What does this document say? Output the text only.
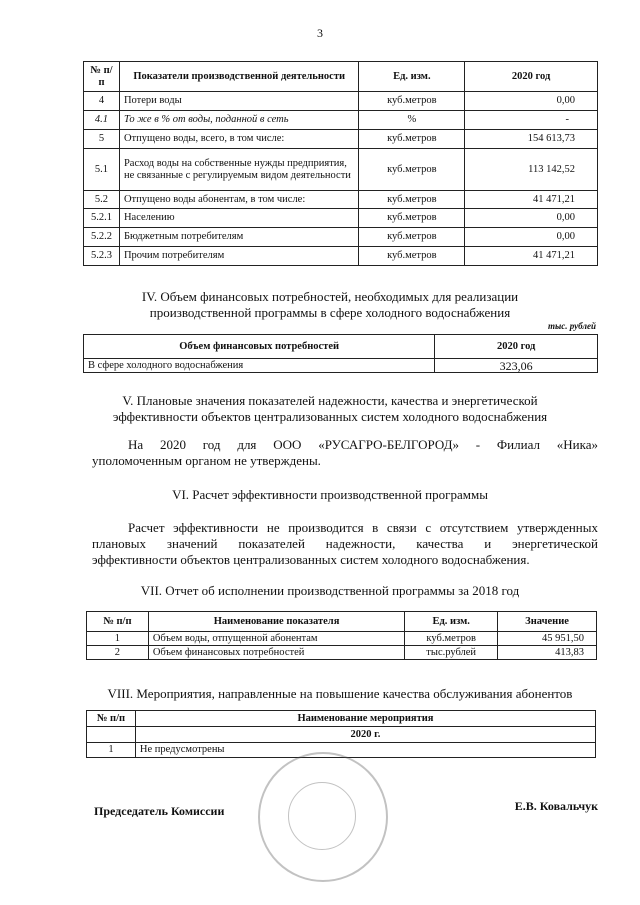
3
№ п/п	Показатели производственной деятельности	Ед. изм.	2020 год
4	Потери воды	куб.метров	0,00
4.1	То же в % от воды, поданной в сеть	%	-
5	Отпущено воды, всего, в том числе:	куб.метров	154 613,73
5.1	Расход воды на собственные нужды предприятия, не связанные с регулируемым видом деятельности	куб.метров	113 142,52
5.2	Отпущено воды абонентам, в том числе:	куб.метров	41 471,21
5.2.1	Населению	куб.метров	0,00
5.2.2	Бюджетным потребителям	куб.метров	0,00
5.2.3	Прочим потребителям	куб.метров	41 471,21
IV. Объем финансовых потребностей, необходимых для реализации
производственной программы в сфере холодного водоснабжения
тыс. рублей
Объем финансовых потребностей	2020 год
В сфере холодного водоснабжения	323,06
V. Плановые значения показателей надежности, качества и энергетической
эффективности объектов централизованных систем холодного водоснабжения
На 2020 год для ООО «РУСАГРО-БЕЛГОРОД» - Филиал «Ника»
уполомоченным органом не утверждены.
VI. Расчет эффективности производственной программы
Расчет эффективности не производится в связи с отсутствием утвержденных
плановых значений показателей надежности, качества и энергетической
эффективности объектов централизованных систем холодного водоснабжения.
VII. Отчет об исполнении производственной программы за 2018 год
№ п/п	Наименование показателя	Ед. изм.	Значение
1	Объем воды, отпущенной абонентам	куб.метров	45 951,50
2	Объем финансовых потребностей	тыс.рублей	413,83
VIII. Мероприятия, направленные на повышение качества обслуживания абонентов
№ п/п	Наименование мероприятия
	2020 г.
1	Не предусмотрены
Председатель Комиссии	Е.В. Ковальчук
